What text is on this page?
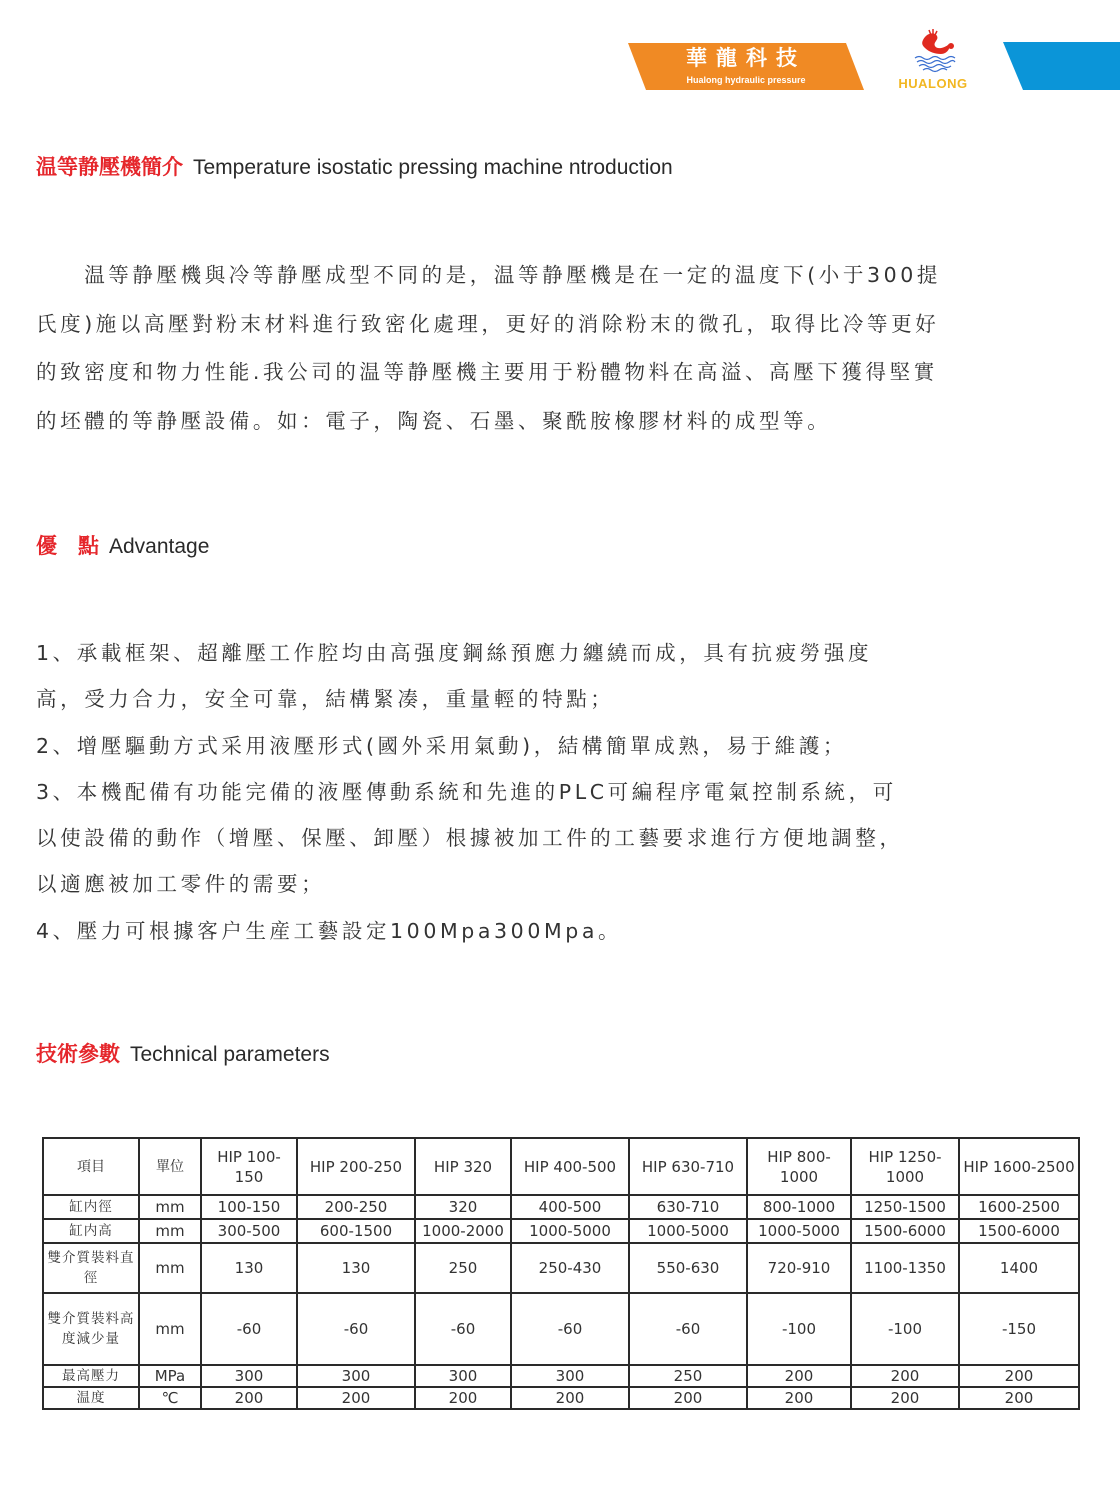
華龍科技
Hualong hydraulic pressure	HUALONG
温等静壓機簡介 Temperature isostatic pressing machine ntroduction
　　温等静壓機與冷等静壓成型不同的是，温等静壓機是在一定的温度下(小于300提
氏度)施以高壓對粉末材料進行致密化處理，更好的消除粉末的微孔，取得比冷等更好
的致密度和物力性能.我公司的温等静壓機主要用于粉體物料在高溢、高壓下獲得堅實
的坯體的等静壓設備。如：電子，陶瓷、石墨、聚酰胺橡膠材料的成型等。
優　點 Advantage
1、承載框架、超離壓工作腔均由高强度鋼絲預應力纏繞而成，具有抗疲勞强度
高，受力合力，安全可靠，結構緊凑，重量輕的特點；
2、增壓驅動方式采用液壓形式(國外采用氣動)，結構簡單成熟，易于維護；
3、本機配備有功能完備的液壓傳動系統和先進的PLC可編程序電氣控制系統，可
以使設備的動作（增壓、保壓、卸壓）根據被加工件的工藝要求進行方便地調整，
以適應被加工零件的需要；
4、壓力可根據客户生産工藝設定100Mpa300Mpa。
技術參數 Technical parameters
項目	單位	HIP 100-150	HIP 200-250	HIP 320	HIP 400-500	HIP 630-710	HIP 800-1000	HIP 1250-1000	HIP 1600-2500
缸内徑	mm	100-150	200-250	320	400-500	630-710	800-1000	1250-1500	1600-2500
缸内高	mm	300-500	600-1500	1000-2000	1000-5000	1000-5000	1000-5000	1500-6000	1500-6000
雙介質裝料直徑	mm	130	130	250	250-430	550-630	720-910	1100-1350	1400
雙介質裝料高度減少量	mm	-60	-60	-60	-60	-60	-100	-100	-150
最高壓力	MPa	300	300	300	300	250	200	200	200
温度	℃	200	200	200	200	200	200	200	200
